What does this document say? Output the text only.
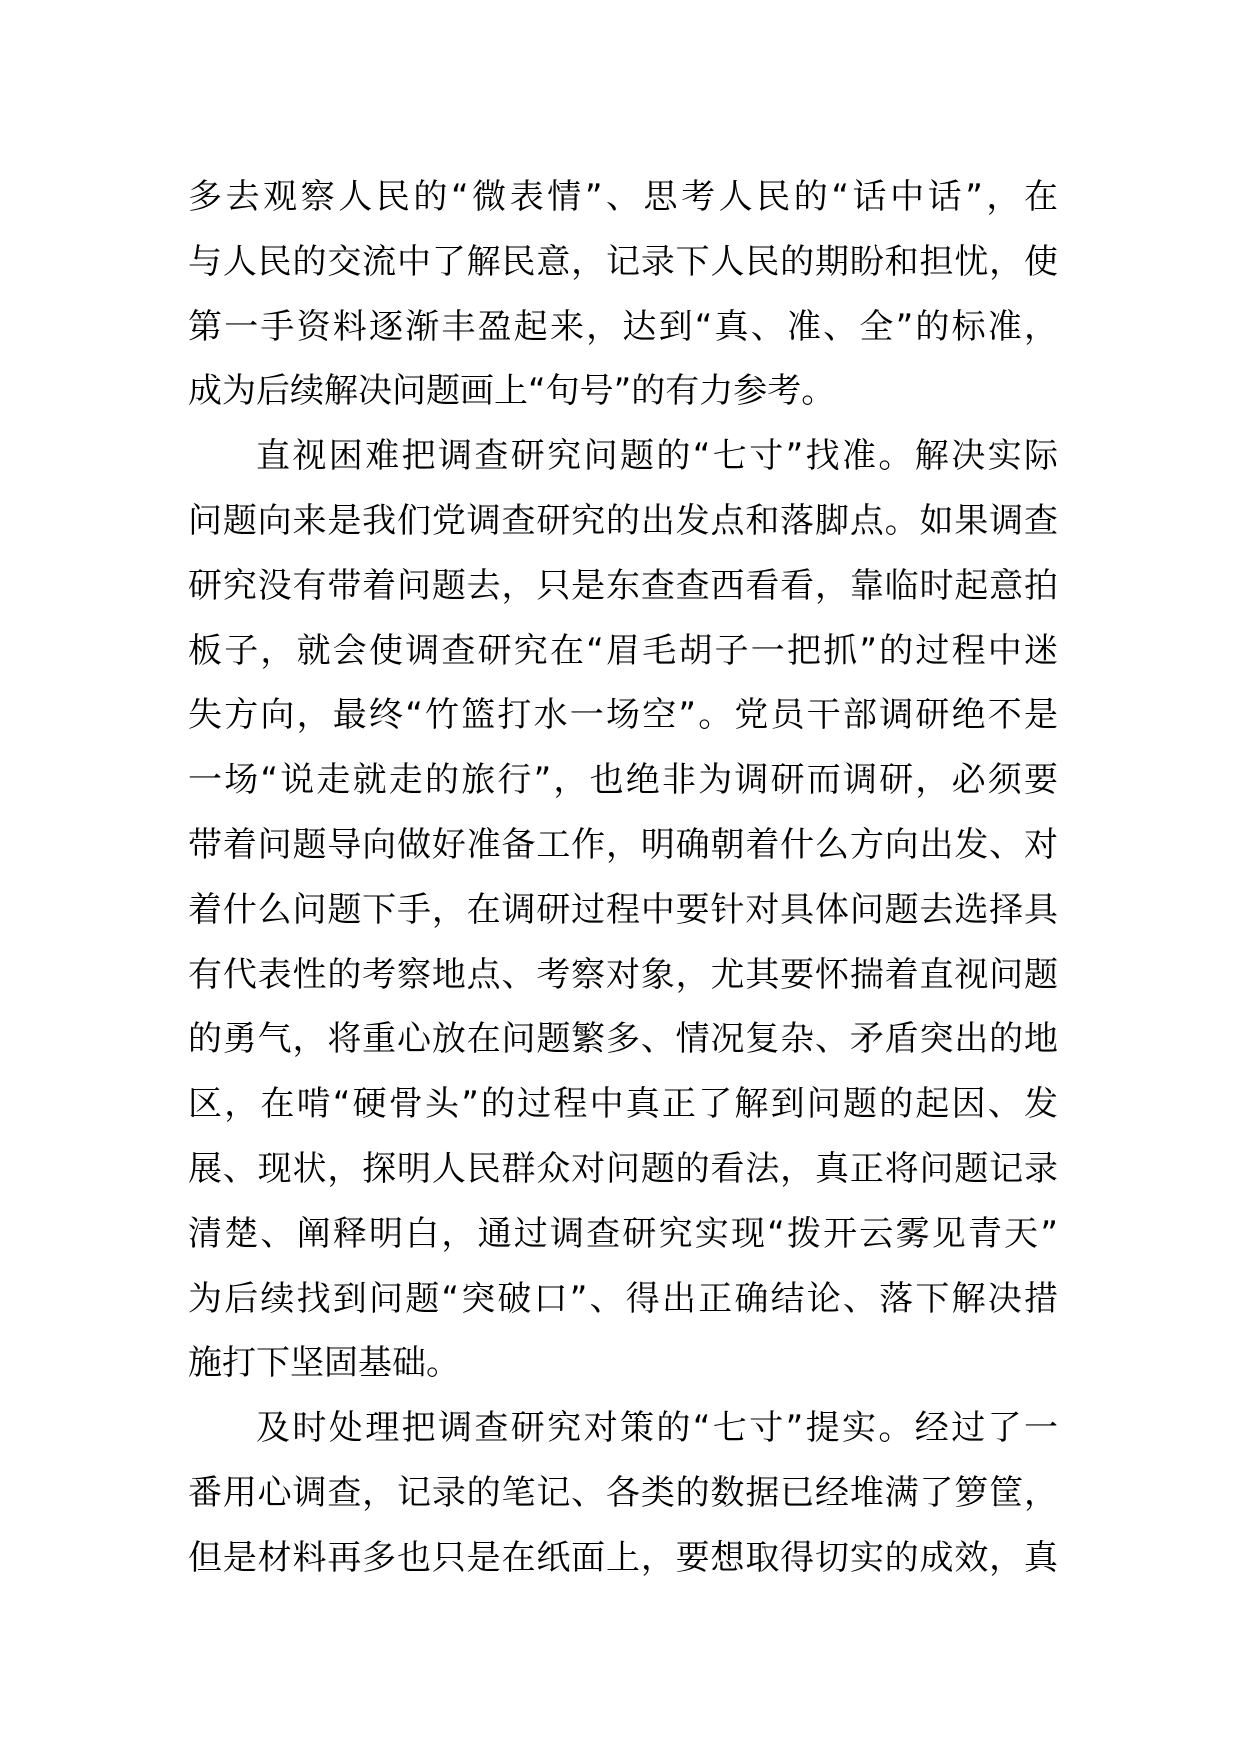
多去观察人民的“微表情”、思考人民的“话中话”，在
与人民的交流中了解民意，记录下人民的期盼和担忧，使
第一手资料逐渐丰盈起来，达到“真、准、全”的标准，
成为后续解决问题画上“句号”的有力参考。
直视困难把调查研究问题的“七寸”找准。解决实际
问题向来是我们党调查研究的出发点和落脚点。如果调查
研究没有带着问题去，只是东查查西看看，靠临时起意拍
板子，就会使调查研究在“眉毛胡子一把抓”的过程中迷
失方向，最终“竹篮打水一场空”。党员干部调研绝不是
一场“说走就走的旅行”，也绝非为调研而调研，必须要
带着问题导向做好准备工作，明确朝着什么方向出发、对
着什么问题下手，在调研过程中要针对具体问题去选择具
有代表性的考察地点、考察对象，尤其要怀揣着直视问题
的勇气，将重心放在问题繁多、情况复杂、矛盾突出的地
区，在啃“硬骨头”的过程中真正了解到问题的起因、发
展、现状，探明人民群众对问题的看法，真正将问题记录
清楚、阐释明白，通过调查研究实现“拨开云雾见青天”
为后续找到问题“突破口”、得出正确结论、落下解决措
施打下坚固基础。
及时处理把调查研究对策的“七寸”提实。经过了一
番用心调查，记录的笔记、各类的数据已经堆满了箩筐，
但是材料再多也只是在纸面上，要想取得切实的成效，真
